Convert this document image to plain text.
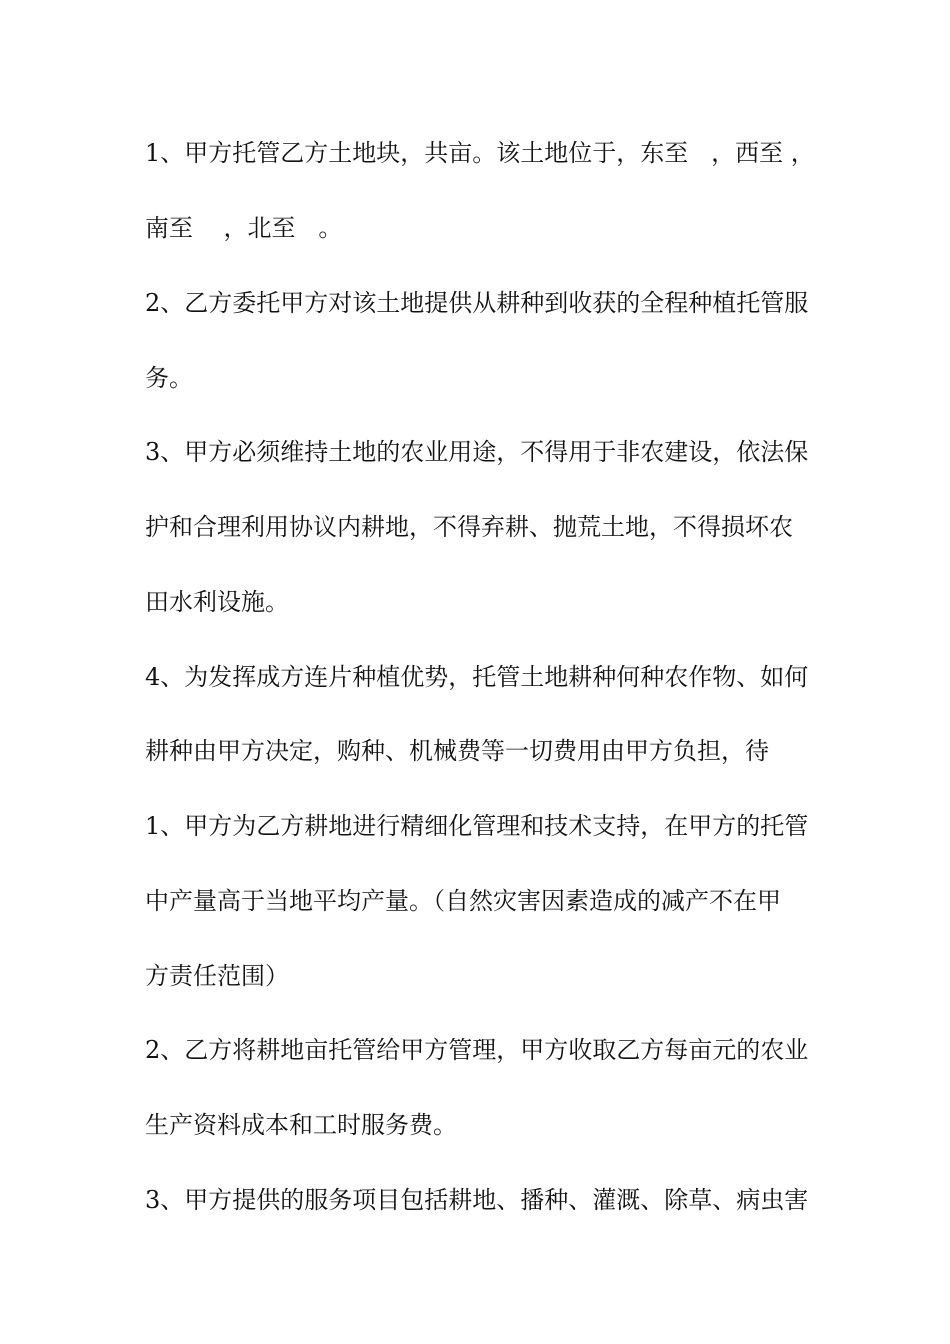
1、甲方托管乙方土地块，共亩。该土地位于，东至   ，西至 ，
南至    ，北至   。
2、乙方委托甲方对该土地提供从耕种到收获的全程种植托管服
务。
3、甲方必须维持土地的农业用途，不得用于非农建设，依法保
护和合理利用协议内耕地，不得弃耕、抛荒土地，不得损坏农
田水利设施。
4、为发挥成方连片种植优势，托管土地耕种何种农作物、如何
耕种由甲方决定，购种、机械费等一切费用由甲方负担，待
1、甲方为乙方耕地进行精细化管理和技术支持，在甲方的托管
中产量高于当地平均产量。（自然灾害因素造成的减产不在甲
方责任范围）
2、乙方将耕地亩托管给甲方管理，甲方收取乙方每亩元的农业
生产资料成本和工时服务费。
3、甲方提供的服务项目包括耕地、播种、灌溉、除草、病虫害
